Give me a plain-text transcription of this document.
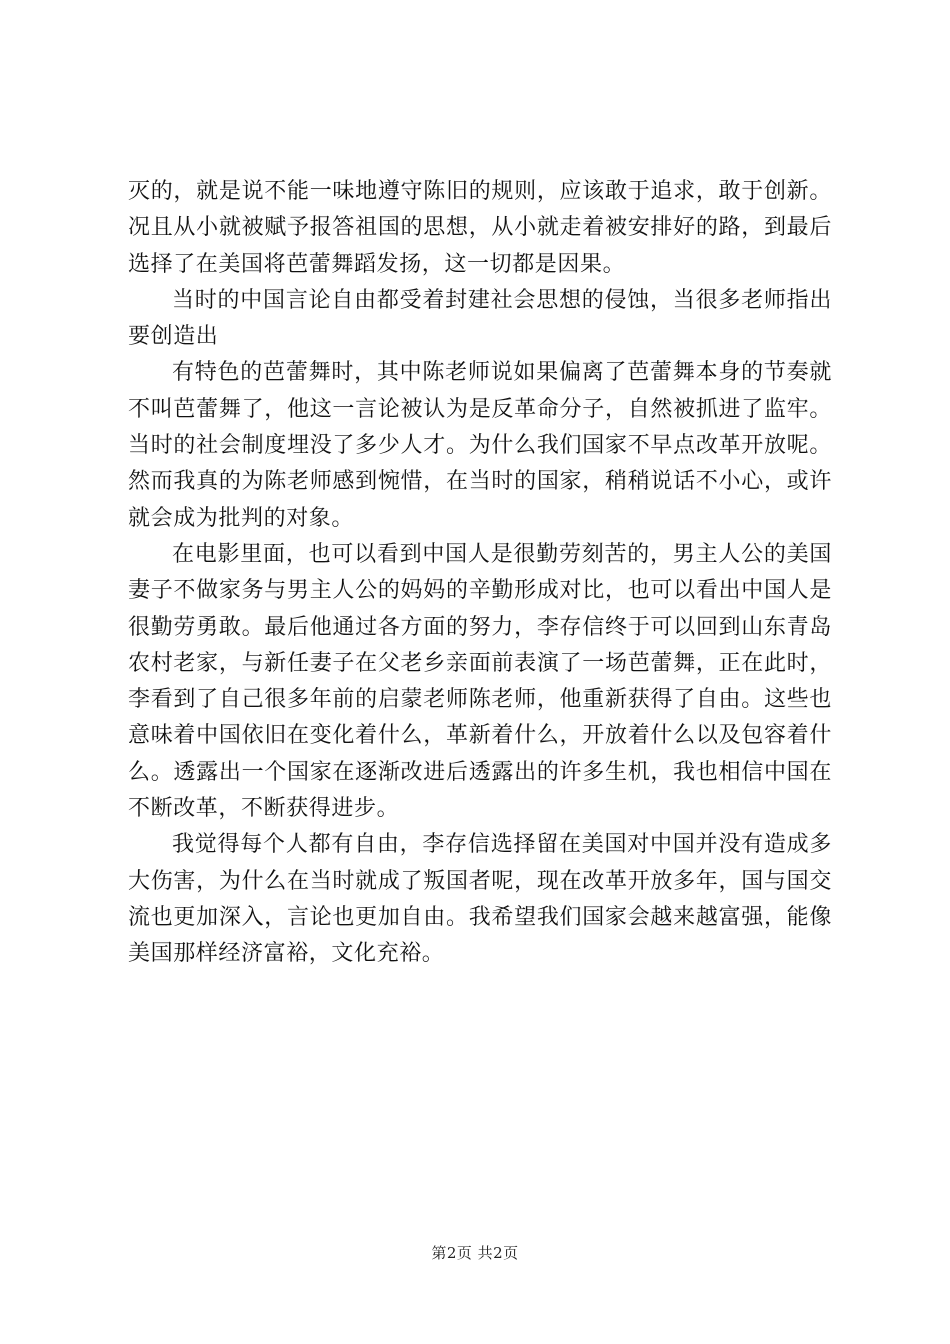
灭的，就是说不能一味地遵守陈旧的规则，应该敢于追求，敢于创新。况且从小就被赋予报答祖国的思想，从小就走着被安排好的路，到最后选择了在美国将芭蕾舞蹈发扬，这一切都是因果。

当时的中国言论自由都受着封建社会思想的侵蚀，当很多老师指出要创造出

有特色的芭蕾舞时，其中陈老师说如果偏离了芭蕾舞本身的节奏就不叫芭蕾舞了，他这一言论被认为是反革命分子，自然被抓进了监牢。当时的社会制度埋没了多少人才。为什么我们国家不早点改革开放呢。然而我真的为陈老师感到惋惜，在当时的国家，稍稍说话不小心，或许就会成为批判的对象。

在电影里面，也可以看到中国人是很勤劳刻苦的，男主人公的美国妻子不做家务与男主人公的妈妈的辛勤形成对比，也可以看出中国人是很勤劳勇敢。最后他通过各方面的努力，李存信终于可以回到山东青岛农村老家，与新任妻子在父老乡亲面前表演了一场芭蕾舞，正在此时，李看到了自己很多年前的启蒙老师陈老师，他重新获得了自由。这些也意味着中国依旧在变化着什么，革新着什么，开放着什么以及包容着什么。透露出一个国家在逐渐改进后透露出的许多生机，我也相信中国在不断改革，不断获得进步。

我觉得每个人都有自由，李存信选择留在美国对中国并没有造成多大伤害，为什么在当时就成了叛国者呢，现在改革开放多年，国与国交流也更加深入，言论也更加自由。我希望我们国家会越来越富强，能像美国那样经济富裕，文化充裕。

第2页 共2页
